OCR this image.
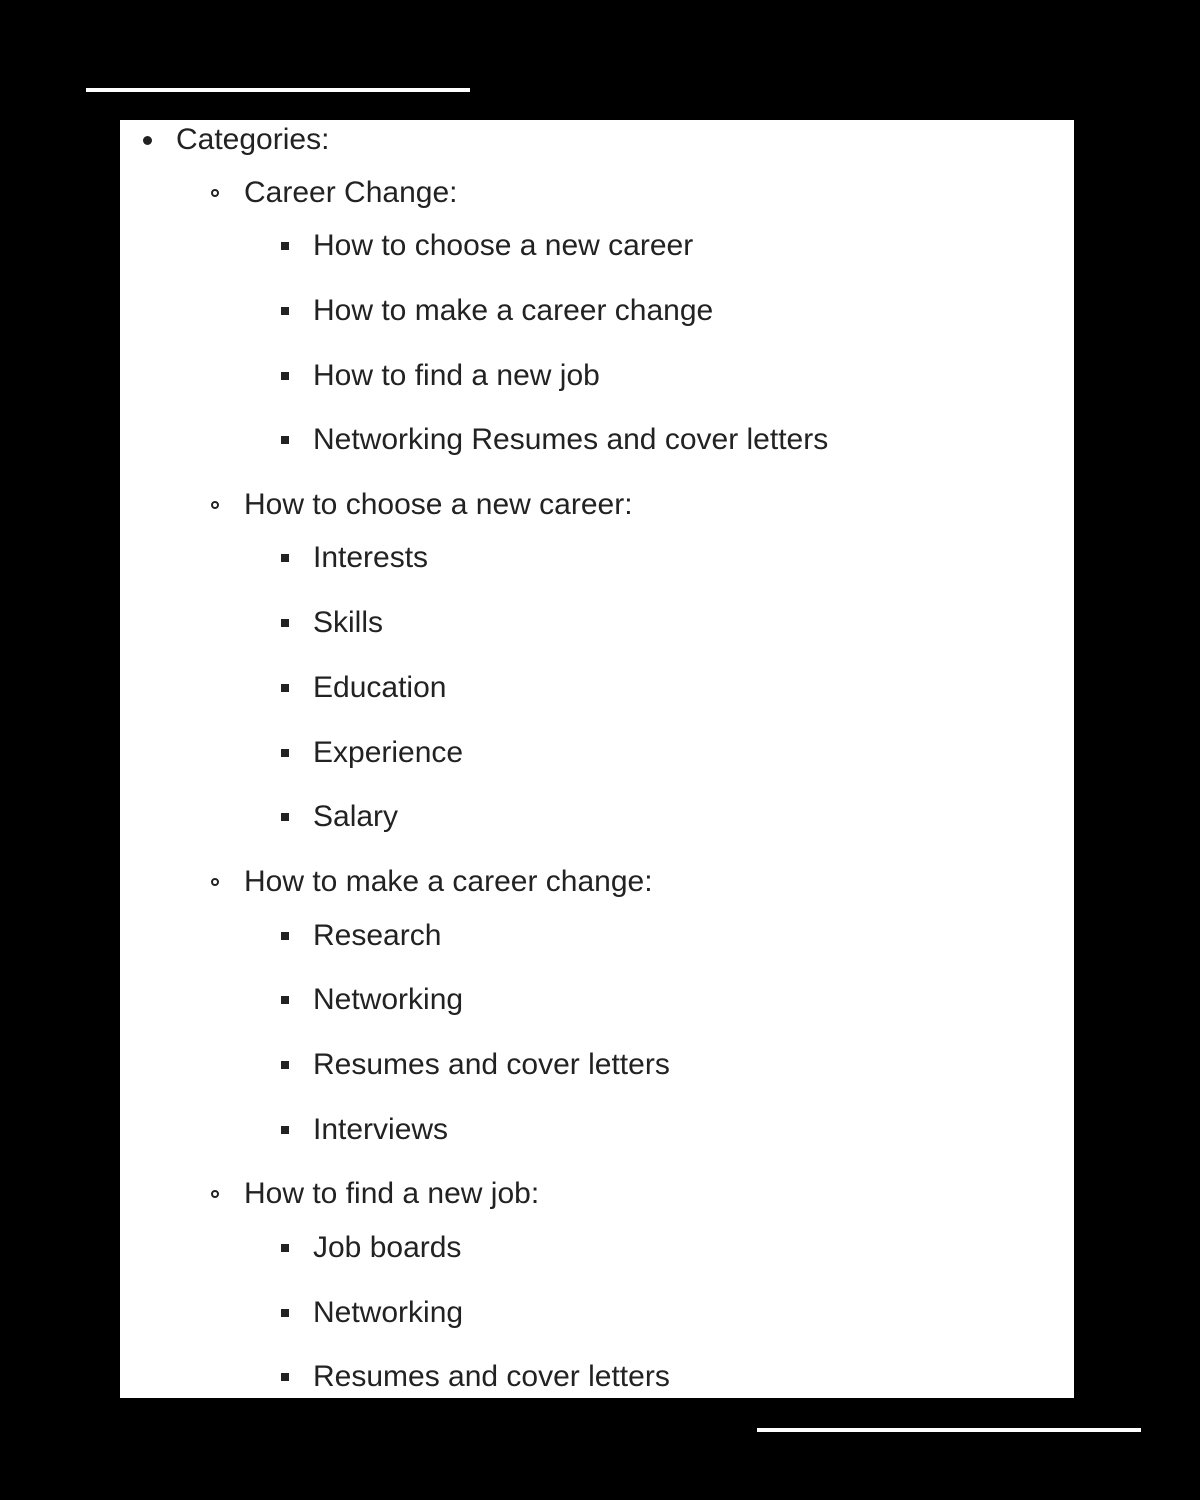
Categories:
Career Change:
How to choose a new career
How to make a career change
How to find a new job
Networking Resumes and cover letters
How to choose a new career:
Interests
Skills
Education
Experience
Salary
How to make a career change:
Research
Networking
Resumes and cover letters
Interviews
How to find a new job:
Job boards
Networking
Resumes and cover letters
